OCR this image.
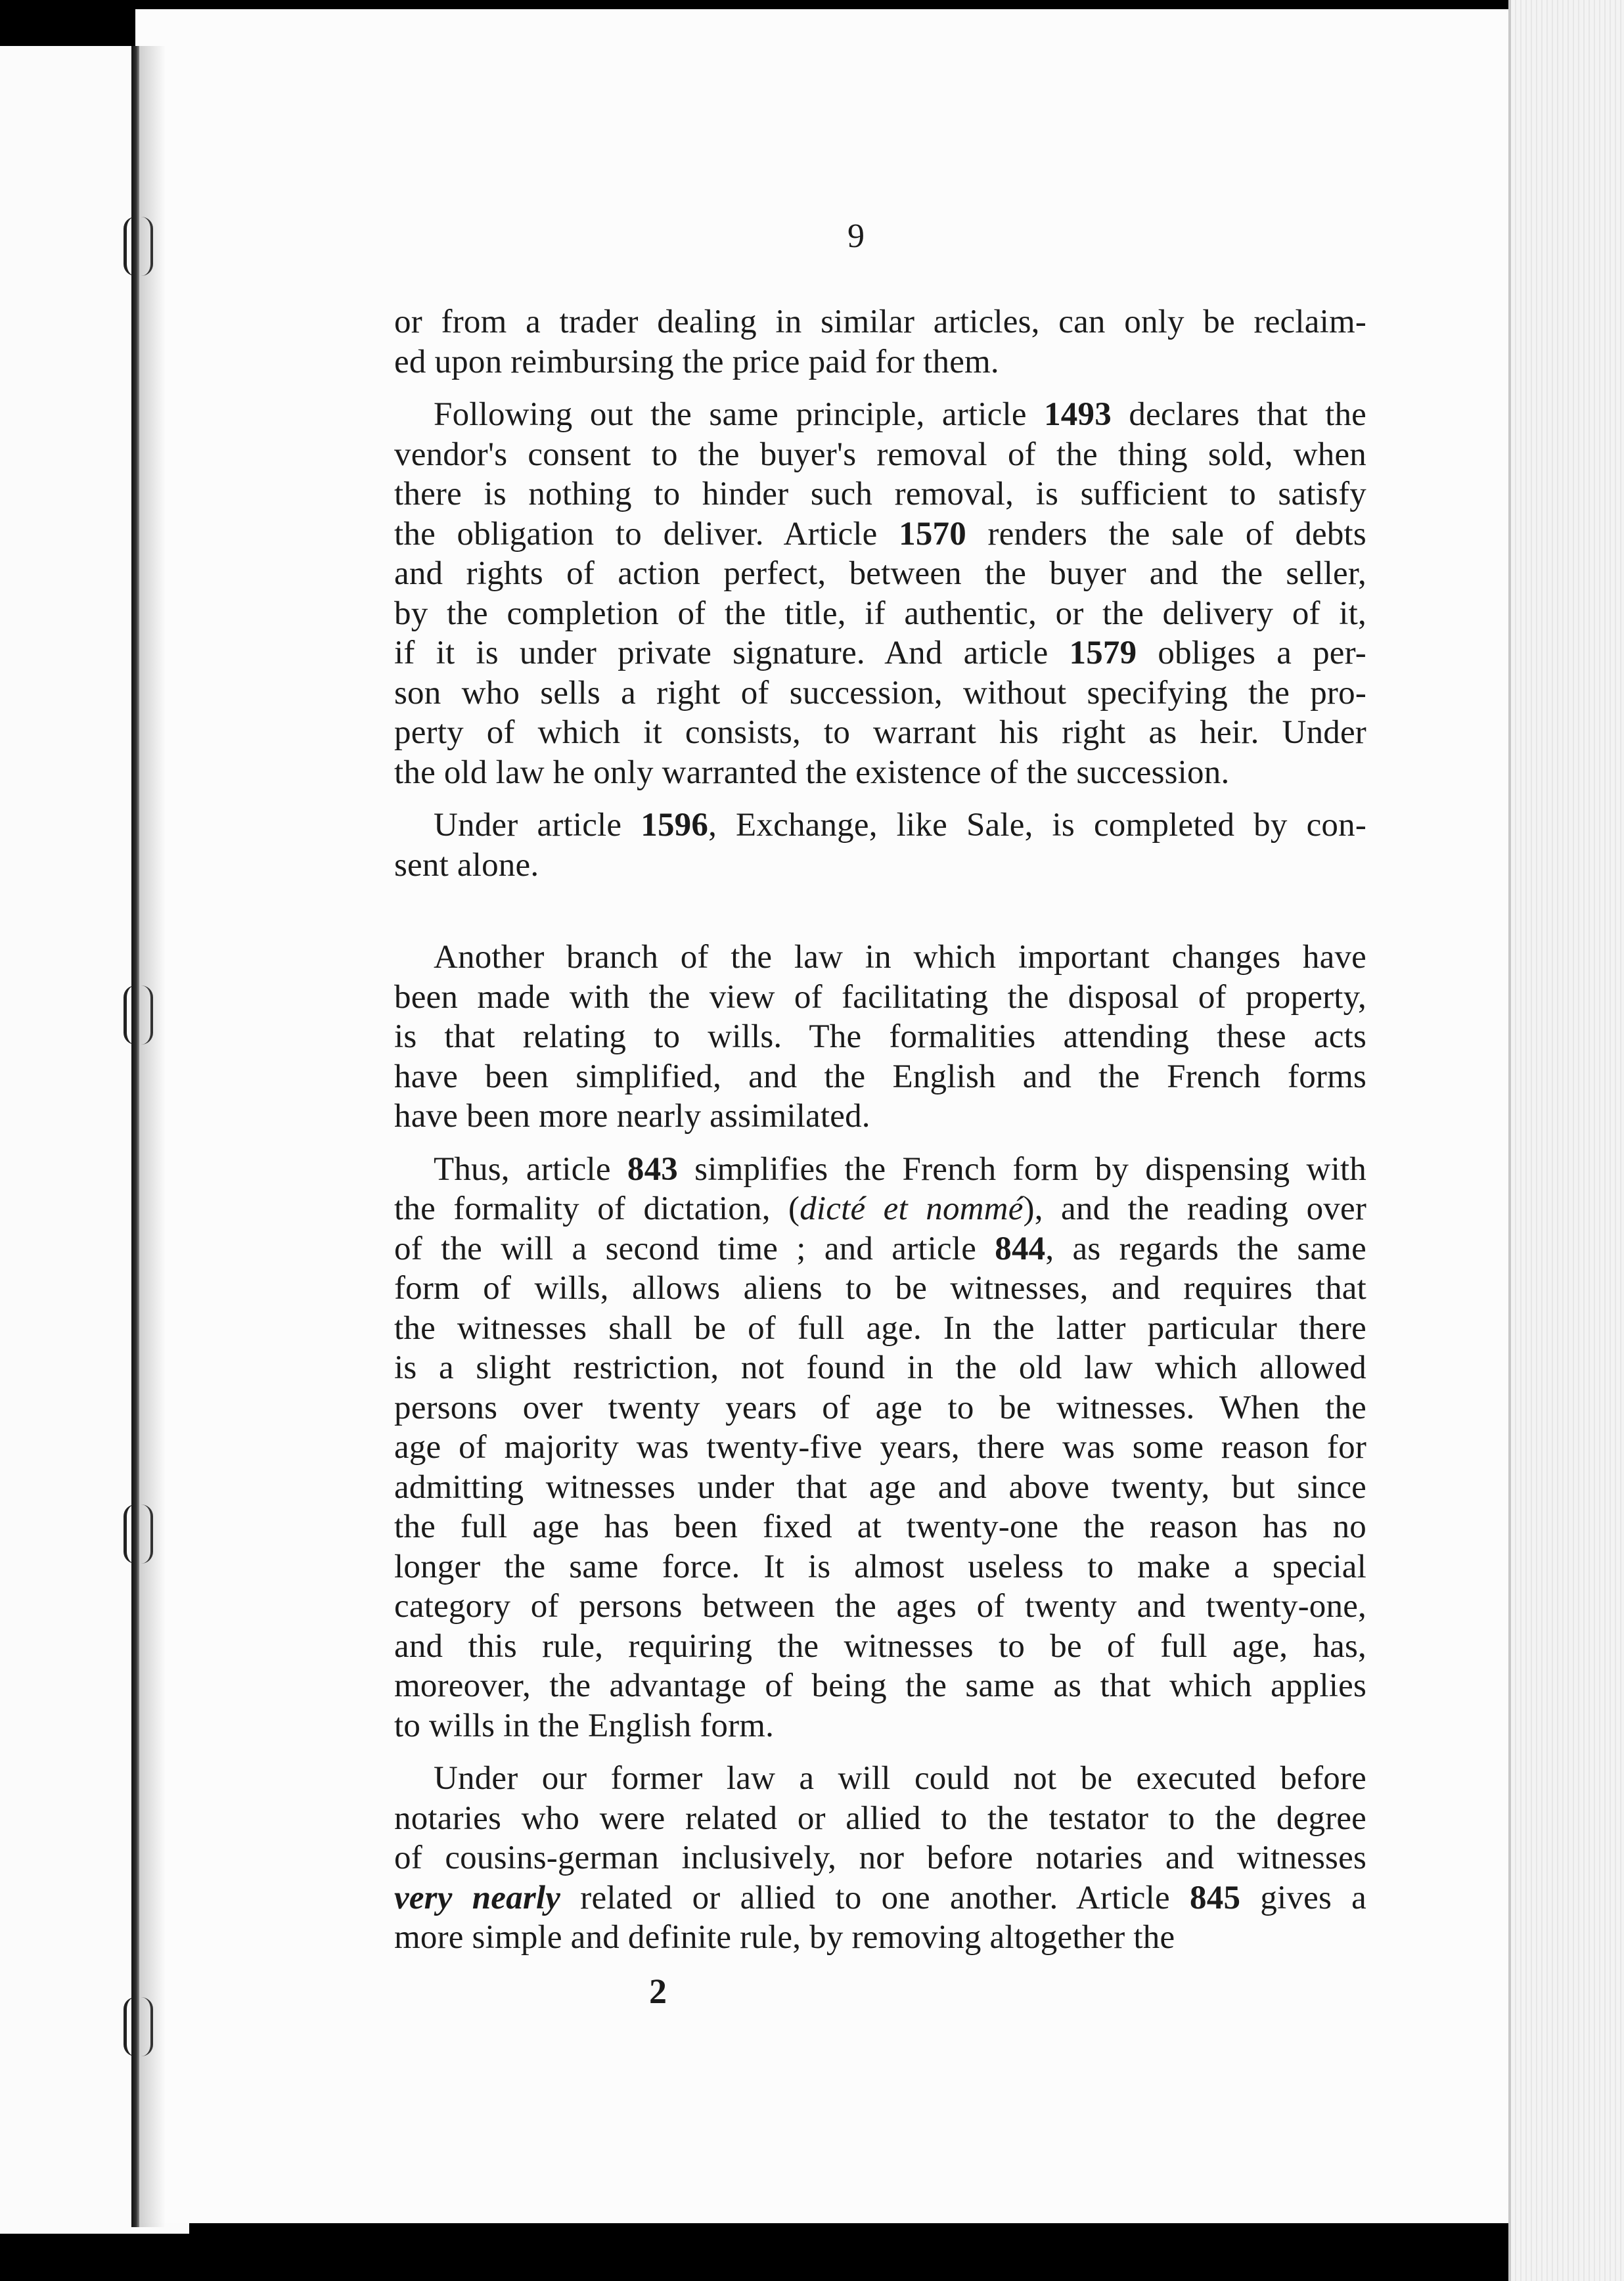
9
or from a trader dealing in similar articles, can only be reclaim-
ed upon reimbursing the price paid for them.
Following out the same principle, article 1493 declares that the
vendor's consent to the buyer's removal of the thing sold, when
there is nothing to hinder such removal, is sufficient to satisfy
the obligation to deliver. Article 1570 renders the sale of debts
and rights of action perfect, between the buyer and the seller,
by the completion of the title, if authentic, or the delivery of it,
if it is under private signature. And article 1579 obliges a per-
son who sells a right of succession, without specifying the pro-
perty of which it consists, to warrant his right as heir. Under
the old law he only warranted the existence of the succession.
Under article 1596, Exchange, like Sale, is completed by con-
sent alone.
Another branch of the law in which important changes have
been made with the view of facilitating the disposal of property,
is that relating to wills. The formalities attending these acts
have been simplified, and the English and the French forms
have been more nearly assimilated.
Thus, article 843 simplifies the French form by dispensing with
the formality of dictation, (dicté et nommé), and the reading over
of the will a second time ; and article 844, as regards the same
form of wills, allows aliens to be witnesses, and requires that
the witnesses shall be of full age. In the latter particular there
is a slight restriction, not found in the old law which allowed
persons over twenty years of age to be witnesses. When the
age of majority was twenty-five years, there was some reason for
admitting witnesses under that age and above twenty, but since
the full age has been fixed at twenty-one the reason has no
longer the same force. It is almost useless to make a special
category of persons between the ages of twenty and twenty-one,
and this rule, requiring the witnesses to be of full age, has,
moreover, the advantage of being the same as that which applies
to wills in the English form.
Under our former law a will could not be executed before
notaries who were related or allied to the testator to the degree
of cousins-german inclusively, nor before notaries and witnesses
very nearly related or allied to one another. Article 845 gives a
more simple and definite rule, by removing altogether the
2
